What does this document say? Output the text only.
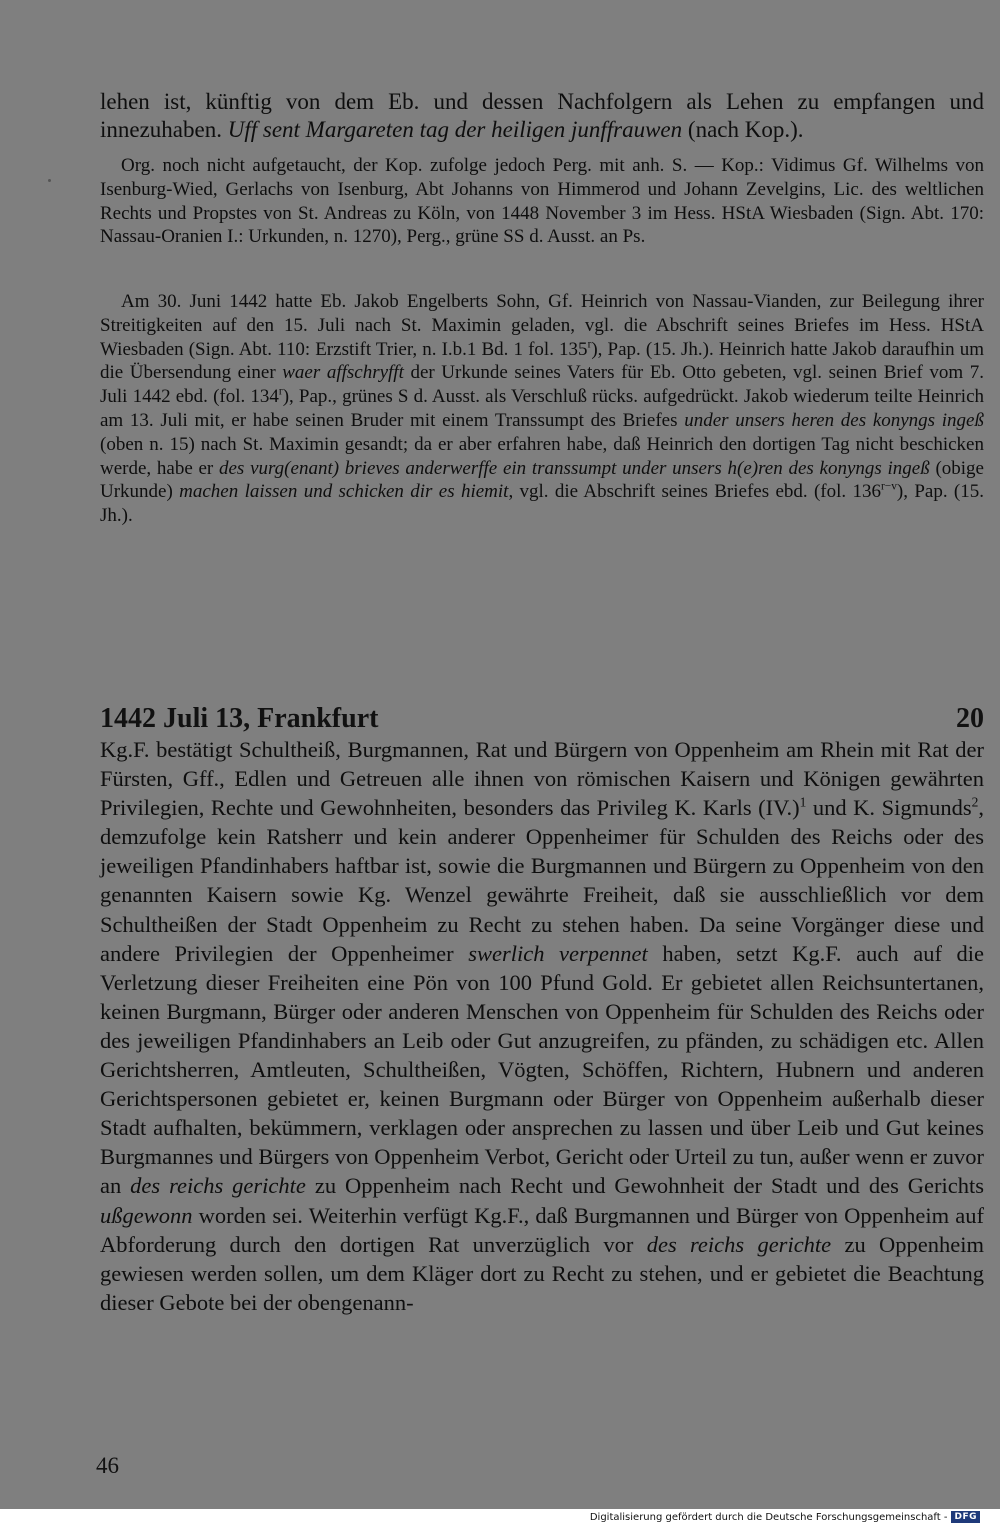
lehen ist, künftig von dem Eb. und dessen Nachfolgern als Lehen zu empfangen und innezuhaben. Uff sent Margareten tag der heiligen junffrauwen (nach Kop.).

Org. noch nicht aufgetaucht, der Kop. zufolge jedoch Perg. mit anh. S. — Kop.: Vidimus Gf. Wilhelms von Isenburg-Wied, Gerlachs von Isenburg, Abt Johanns von Himmerod und Johann Zevelgins, Lic. des weltlichen Rechts und Propstes von St. Andreas zu Köln, von 1448 November 3 im Hess. HStA Wiesbaden (Sign. Abt. 170: Nassau-Oranien I.: Urkunden, n. 1270), Perg., grüne SS d. Ausst. an Ps.

Am 30. Juni 1442 hatte Eb. Jakob Engelberts Sohn, Gf. Heinrich von Nassau-Vianden, zur Beilegung ihrer Streitigkeiten auf den 15. Juli nach St. Maximin geladen, vgl. die Abschrift seines Briefes im Hess. HStA Wiesbaden (Sign. Abt. 110: Erzstift Trier, n. I.b.1 Bd. 1 fol. 135$^r$), Pap. (15. Jh.). Heinrich hatte Jakob daraufhin um die Übersendung einer waer affschryfft der Urkunde seines Vaters für Eb. Otto gebeten, vgl. seinen Brief vom 7. Juli 1442 ebd. (fol. 134$^r$), Pap., grünes S d. Ausst. als Verschluß rücks. aufgedrückt. Jakob wiederum teilte Heinrich am 13. Juli mit, er habe seinen Bruder mit einem Transsumpt des Briefes under unsers heren des konyngs ingeß (oben n. 15) nach St. Maximin gesandt; da er aber erfahren habe, daß Heinrich den dortigen Tag nicht beschicken werde, habe er des vurg(enant) brieves anderwerffe ein transsumpt under unsers h(e)ren des konyngs ingeß (obige Urkunde) machen laissen und schicken dir es hiemit, vgl. die Abschrift seines Briefes ebd. (fol. $136^{r-v}$), Pap. (15. Jh.).

1442 Juli 13, Frankfurt	20

Kg.F. bestätigt Schultheiß, Burgmannen, Rat und Bürgern von Oppenheim am Rhein mit Rat der Fürsten, Gff., Edlen und Getreuen alle ihnen von römischen Kaisern und Königen gewährten Privilegien, Rechte und Gewohnheiten, besonders das Privileg K. Karls $(IV.)^1$ und K. Sigmunds$^2$, demzufolge kein Ratsherr und kein anderer Oppenheimer für Schulden des Reichs oder des jeweiligen Pfandinhabers haftbar ist, sowie die Burgmannen und Bürgern zu Oppenheim von den genannten Kaisern sowie Kg. Wenzel gewährte Freiheit, daß sie ausschließlich vor dem Schultheißen der Stadt Oppenheim zu Recht zu stehen haben. Da seine Vorgänger diese und andere Privilegien der Oppenheimer swerlich verpennet haben, setzt Kg.F. auch auf die Verletzung dieser Freiheiten eine Pön von 100 Pfund Gold. Er gebietet allen Reichsuntertanen, keinen Burgmann, Bürger oder anderen Menschen von Oppenheim für Schulden des Reichs oder des jeweiligen Pfandinhabers an Leib oder Gut anzugreifen, zu pfänden, zu schädigen etc. Allen Gerichtsherren, Amtleuten, Schultheißen, Vögten, Schöffen, Richtern, Hubnern und anderen Gerichtspersonen gebietet er, keinen Burgmann oder Bürger von Oppenheim außerhalb dieser Stadt aufhalten, bekümmern, verklagen oder ansprechen zu lassen und über Leib und Gut keines Burgmannes und Bürgers von Oppenheim Verbot, Gericht oder Urteil zu tun, außer wenn er zuvor an des reichs gerichte zu Oppenheim nach Recht und Gewohnheit der Stadt und des Gerichts ußgewonn worden sei. Weiterhin verfügt Kg.F., daß Burgmannen und Bürger von Oppenheim auf Abforderung durch den dortigen Rat unverzüglich vor des reichs gerichte zu Oppenheim gewiesen werden sollen, um dem Kläger dort zu Recht zu stehen, und er gebietet die Beachtung dieser Gebote bei der obengenann-

46
Digitalisierung gefördert durch die Deutsche Forschungsgemeinschaft - DFG
